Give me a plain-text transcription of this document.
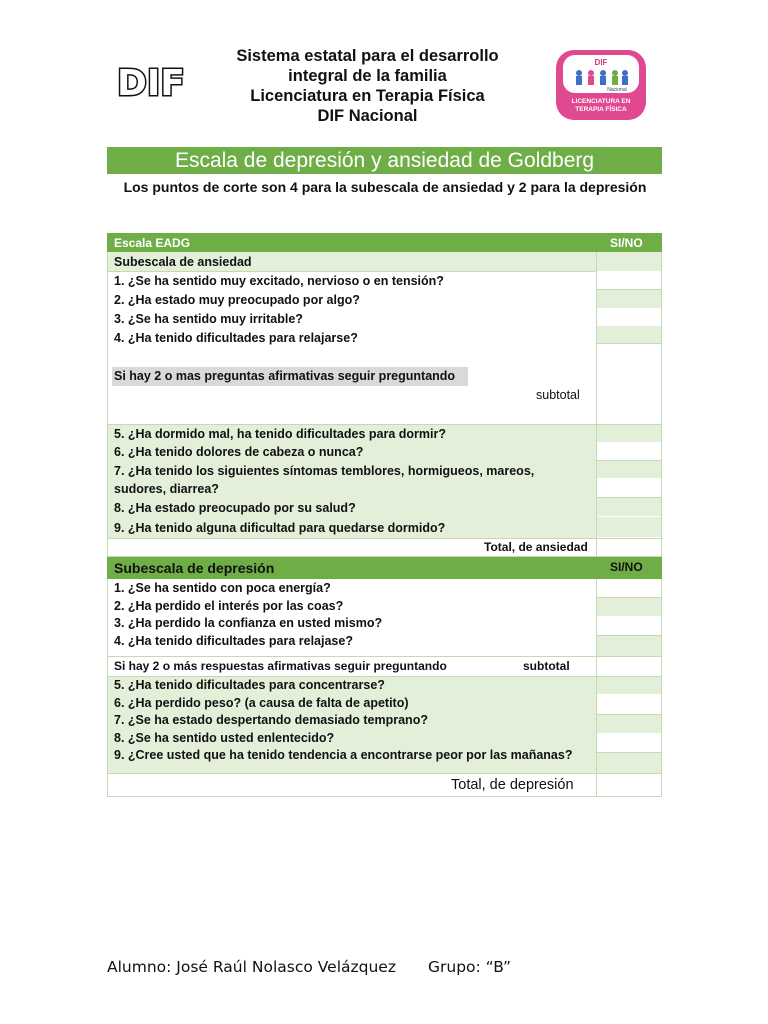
DIF
Sistema estatal para el desarrollo
integral de la familia
Licenciatura en Terapia Física
DIF Nacional
DIF
Nacional
LICENCIATURA EN
TERAPIA FÍSICA
Escala de depresión y ansiedad de Goldberg
Los puntos de corte son 4 para la subescala de ansiedad y 2 para la depresión
Escala EADG	SI/NO
Subescala de ansiedad
1. ¿Se ha sentido muy excitado, nervioso o en tensión?
2. ¿Ha estado muy preocupado por algo?
3. ¿Se ha sentido muy irritable?
4. ¿Ha tenido dificultades para relajarse?
Si hay 2 o mas preguntas afirmativas seguir preguntando
subtotal
5. ¿Ha dormido mal, ha tenido dificultades para dormir?
6. ¿Ha tenido dolores de cabeza o nunca?
7. ¿Ha tenido los siguientes síntomas temblores, hormigueos, mareos, sudores, diarrea?
8. ¿Ha estado preocupado por su salud?
9. ¿Ha tenido alguna dificultad para quedarse dormido?
Total, de ansiedad
Subescala de depresión	SI/NO
1. ¿Se ha sentido con poca energía?
2. ¿Ha perdido el interés por las coas?
3. ¿Ha perdido la confianza en usted mismo?
4. ¿Ha tenido dificultades para relajase?
Si hay 2 o más respuestas afirmativas seguir preguntando	subtotal
5. ¿Ha tenido dificultades para concentrarse?
6. ¿Ha perdido peso? (a causa de falta de apetito)
7. ¿Se ha estado despertando demasiado temprano?
8. ¿Se ha sentido usted enlentecido?
9. ¿Cree usted que ha tenido tendencia a encontrarse peor por las mañanas?
Total, de depresión
Alumno: José Raúl Nolasco Velázquez Grupo: “B”
